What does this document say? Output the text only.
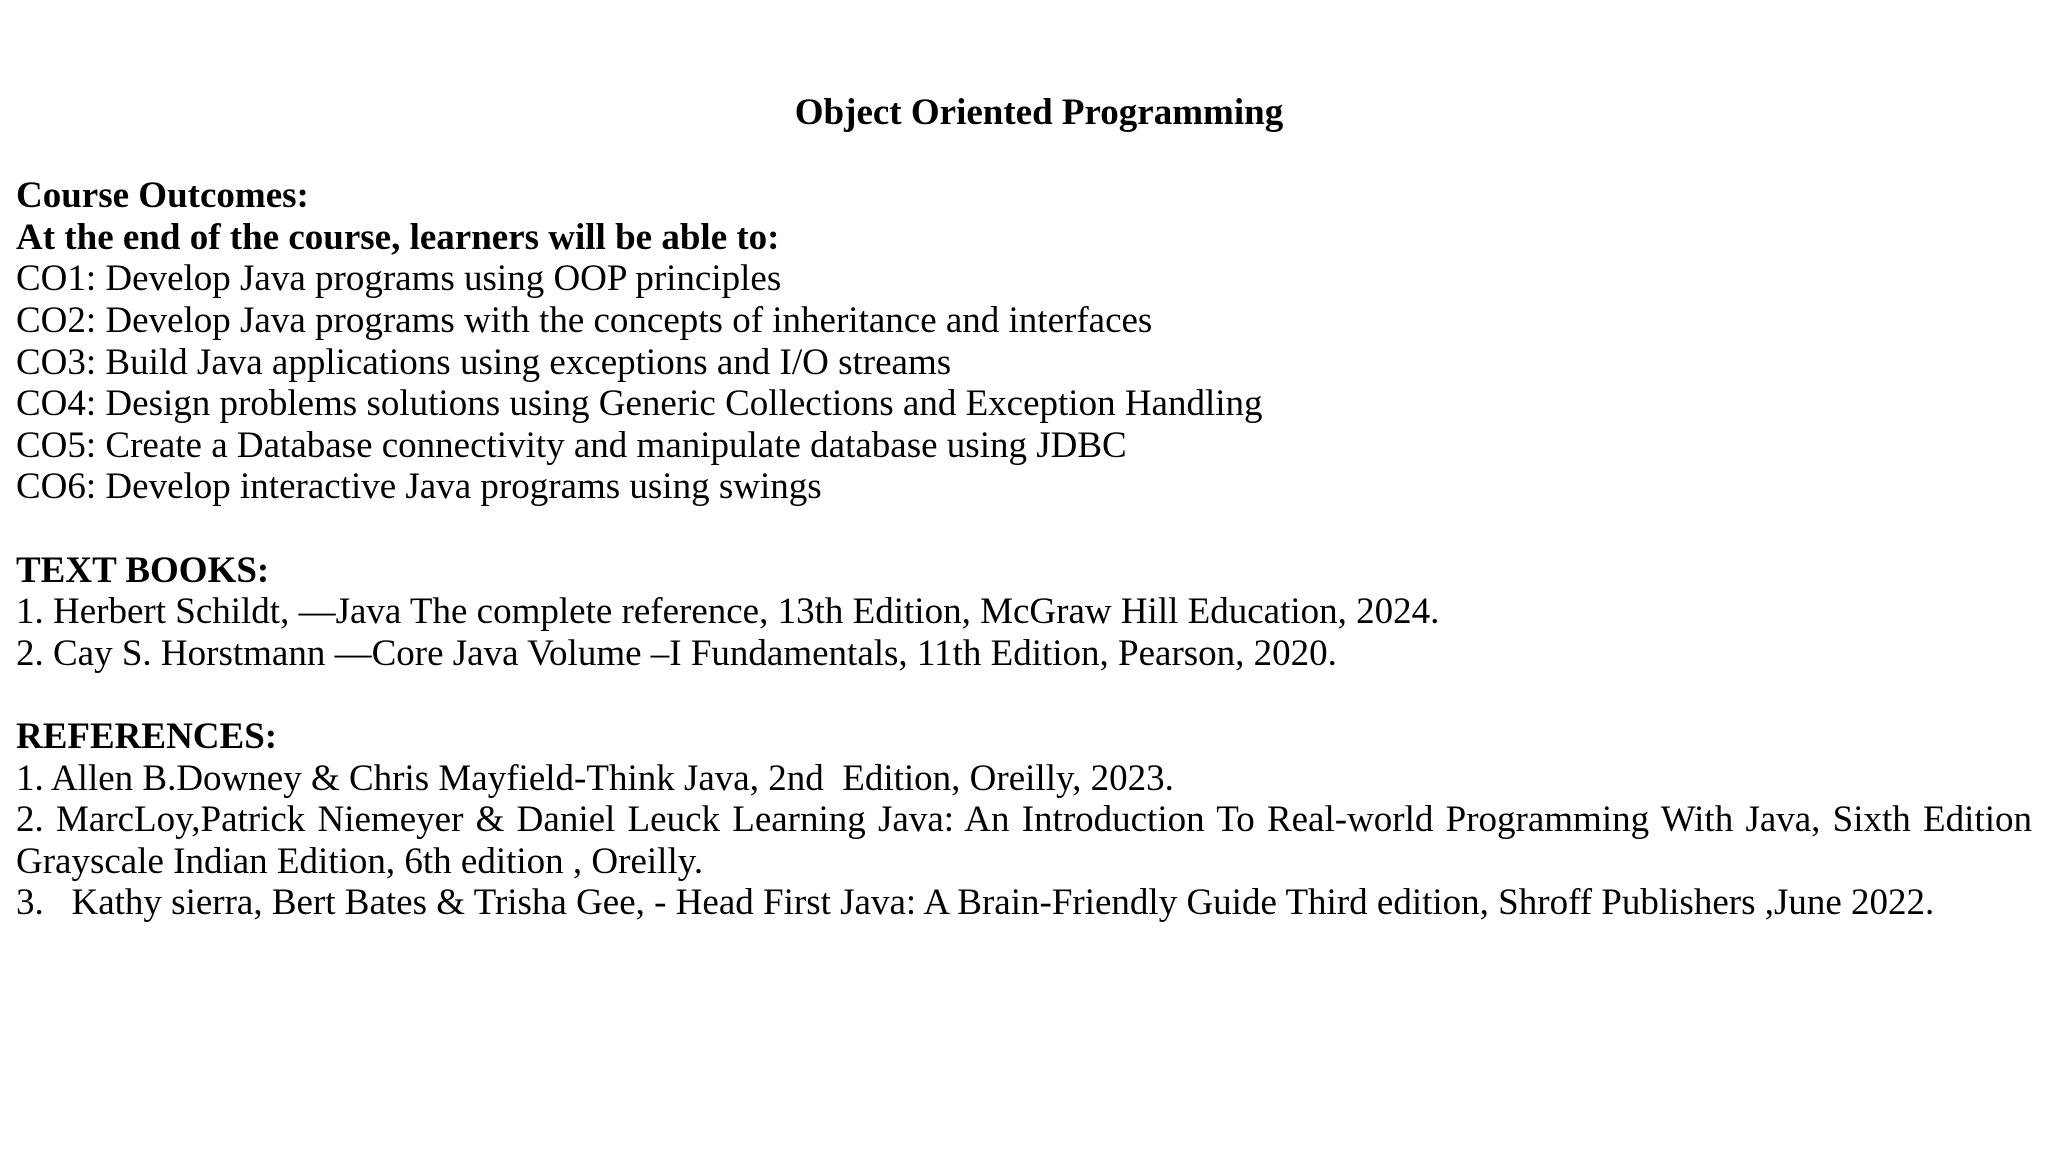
Object Oriented Programming

Course Outcomes:

At the end of the course, learners will be able to:

CO1: Develop Java programs using OOP principles

CO2: Develop Java programs with the concepts of inheritance and interfaces

CO3: Build Java applications using exceptions and I/O streams

CO4: Design problems solutions using Generic Collections and Exception Handling

CO5: Create a Database connectivity and manipulate database using JDBC

CO6: Develop interactive Java programs using swings

TEXT BOOKS:

1. Herbert Schildt, ―Java The complete reference, 13th Edition, McGraw Hill Education, 2024.

2. Cay S. Horstmann ―Core Java Volume –I Fundamentals, 11th Edition, Pearson, 2020.

REFERENCES:

1. Allen B.Downey & Chris Mayfield-Think Java, 2nd  Edition, Oreilly, 2023.

2. MarcLoy,Patrick Niemeyer & Daniel Leuck Learning Java: An Introduction To Real-world Programming With Java, Sixth Edition Grayscale Indian Edition, 6th edition , Oreilly.

3.   Kathy sierra, Bert Bates & Trisha Gee, - Head First Java: A Brain-Friendly Guide Third edition, Shroff Publishers ,June 2022.
